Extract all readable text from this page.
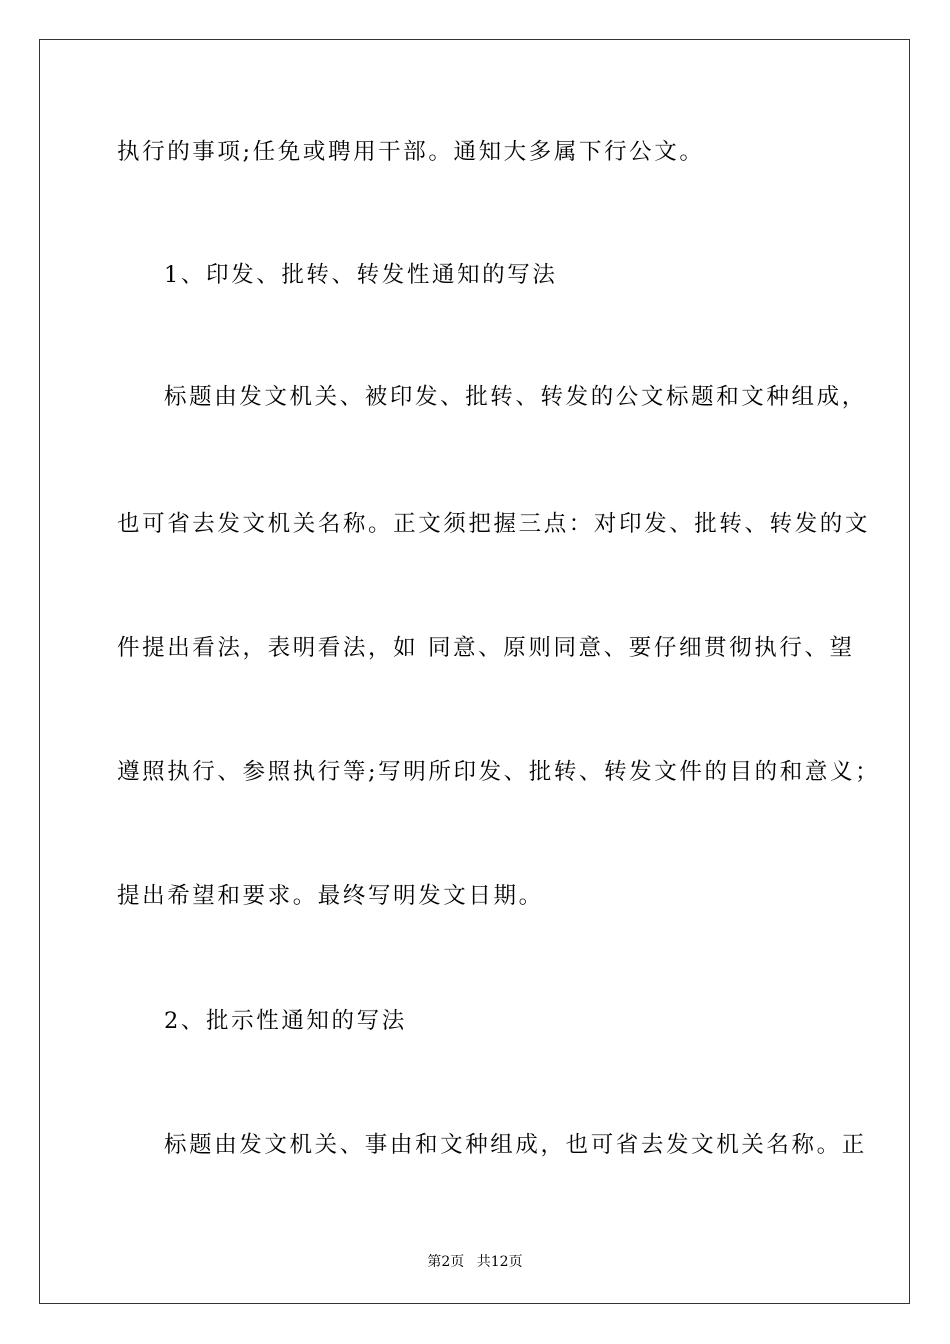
执行的事项;任免或聘用干部。通知大多属下行公文。
1、印发、批转、转发性通知的写法
标题由发文机关、被印发、批转、转发的公文标题和文种组成，
也可省去发文机关名称。正文须把握三点：对印发、批转、转发的文
件提出看法，表明看法，如 同意、原则同意、要仔细贯彻执行、望
遵照执行、参照执行等;写明所印发、批转、转发文件的目的和意义；
提出希望和要求。最终写明发文日期。
2、批示性通知的写法
标题由发文机关、事由和文种组成，也可省去发文机关名称。正
第2页 共12页
